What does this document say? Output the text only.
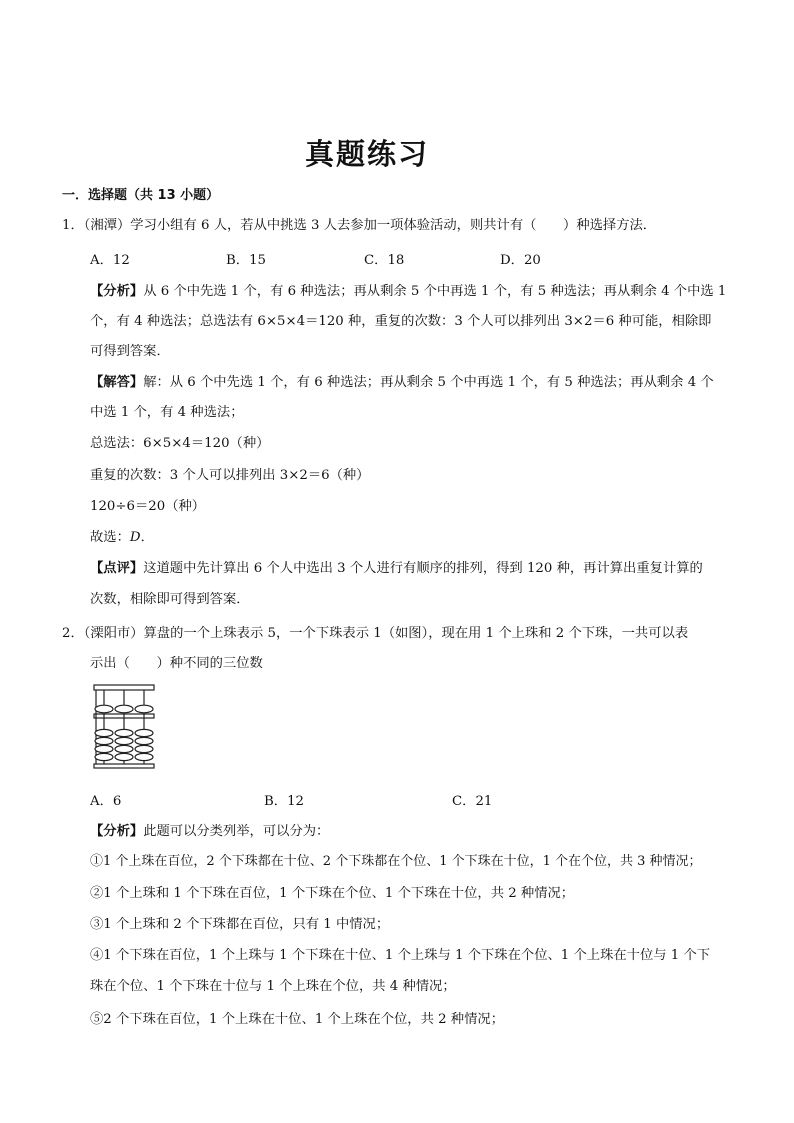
真题练习
一．选择题（共 13 小题）
1．（湘潭）学习小组有 6 人，若从中挑选 3 人去参加一项体验活动，则共计有（　　）种选择方法．
A．12	B．15	C．18	D．20
【分析】从 6 个中先选 1 个，有 6 种选法；再从剩余 5 个中再选 1 个，有 5 种选法；再从剩余 4 个中选 1
个，有 4 种选法；总选法有 6×5×4＝120 种，重复的次数：3 个人可以排列出 3×2＝6 种可能，相除即
可得到答案．
【解答】解：从 6 个中先选 1 个，有 6 种选法；再从剩余 5 个中再选 1 个，有 5 种选法；再从剩余 4 个
中选 1 个，有 4 种选法；
总选法：6×5×4＝120（种）
重复的次数：3 个人可以排列出 3×2＝6（种）
120÷6＝20（种）
故选：D．
【点评】这道题中先计算出 6 个人中选出 3 个人进行有顺序的排列，得到 120 种，再计算出重复计算的
次数，相除即可得到答案．
2．（溧阳市）算盘的一个上珠表示 5，一个下珠表示 1（如图），现在用 1 个上珠和 2 个下珠，一共可以表
示出（　　）种不同的三位数
A．6	B．12	C．21
【分析】此题可以分类列举，可以分为：
①1 个上珠在百位，2 个下珠都在十位、2 个下珠都在个位、1 个下珠在十位，1 个在个位，共 3 种情况；
②1 个上珠和 1 个下珠在百位，1 个下珠在个位、1 个下珠在十位，共 2 种情况；
③1 个上珠和 2 个下珠都在百位，只有 1 中情况；
④1 个下珠在百位，1 个上珠与 1 个下珠在十位、1 个上珠与 1 个下珠在个位、1 个上珠在十位与 1 个下
珠在个位、1 个下珠在十位与 1 个上珠在个位，共 4 种情况；
⑤2 个下珠在百位，1 个上珠在十位、1 个上珠在个位，共 2 种情况；
